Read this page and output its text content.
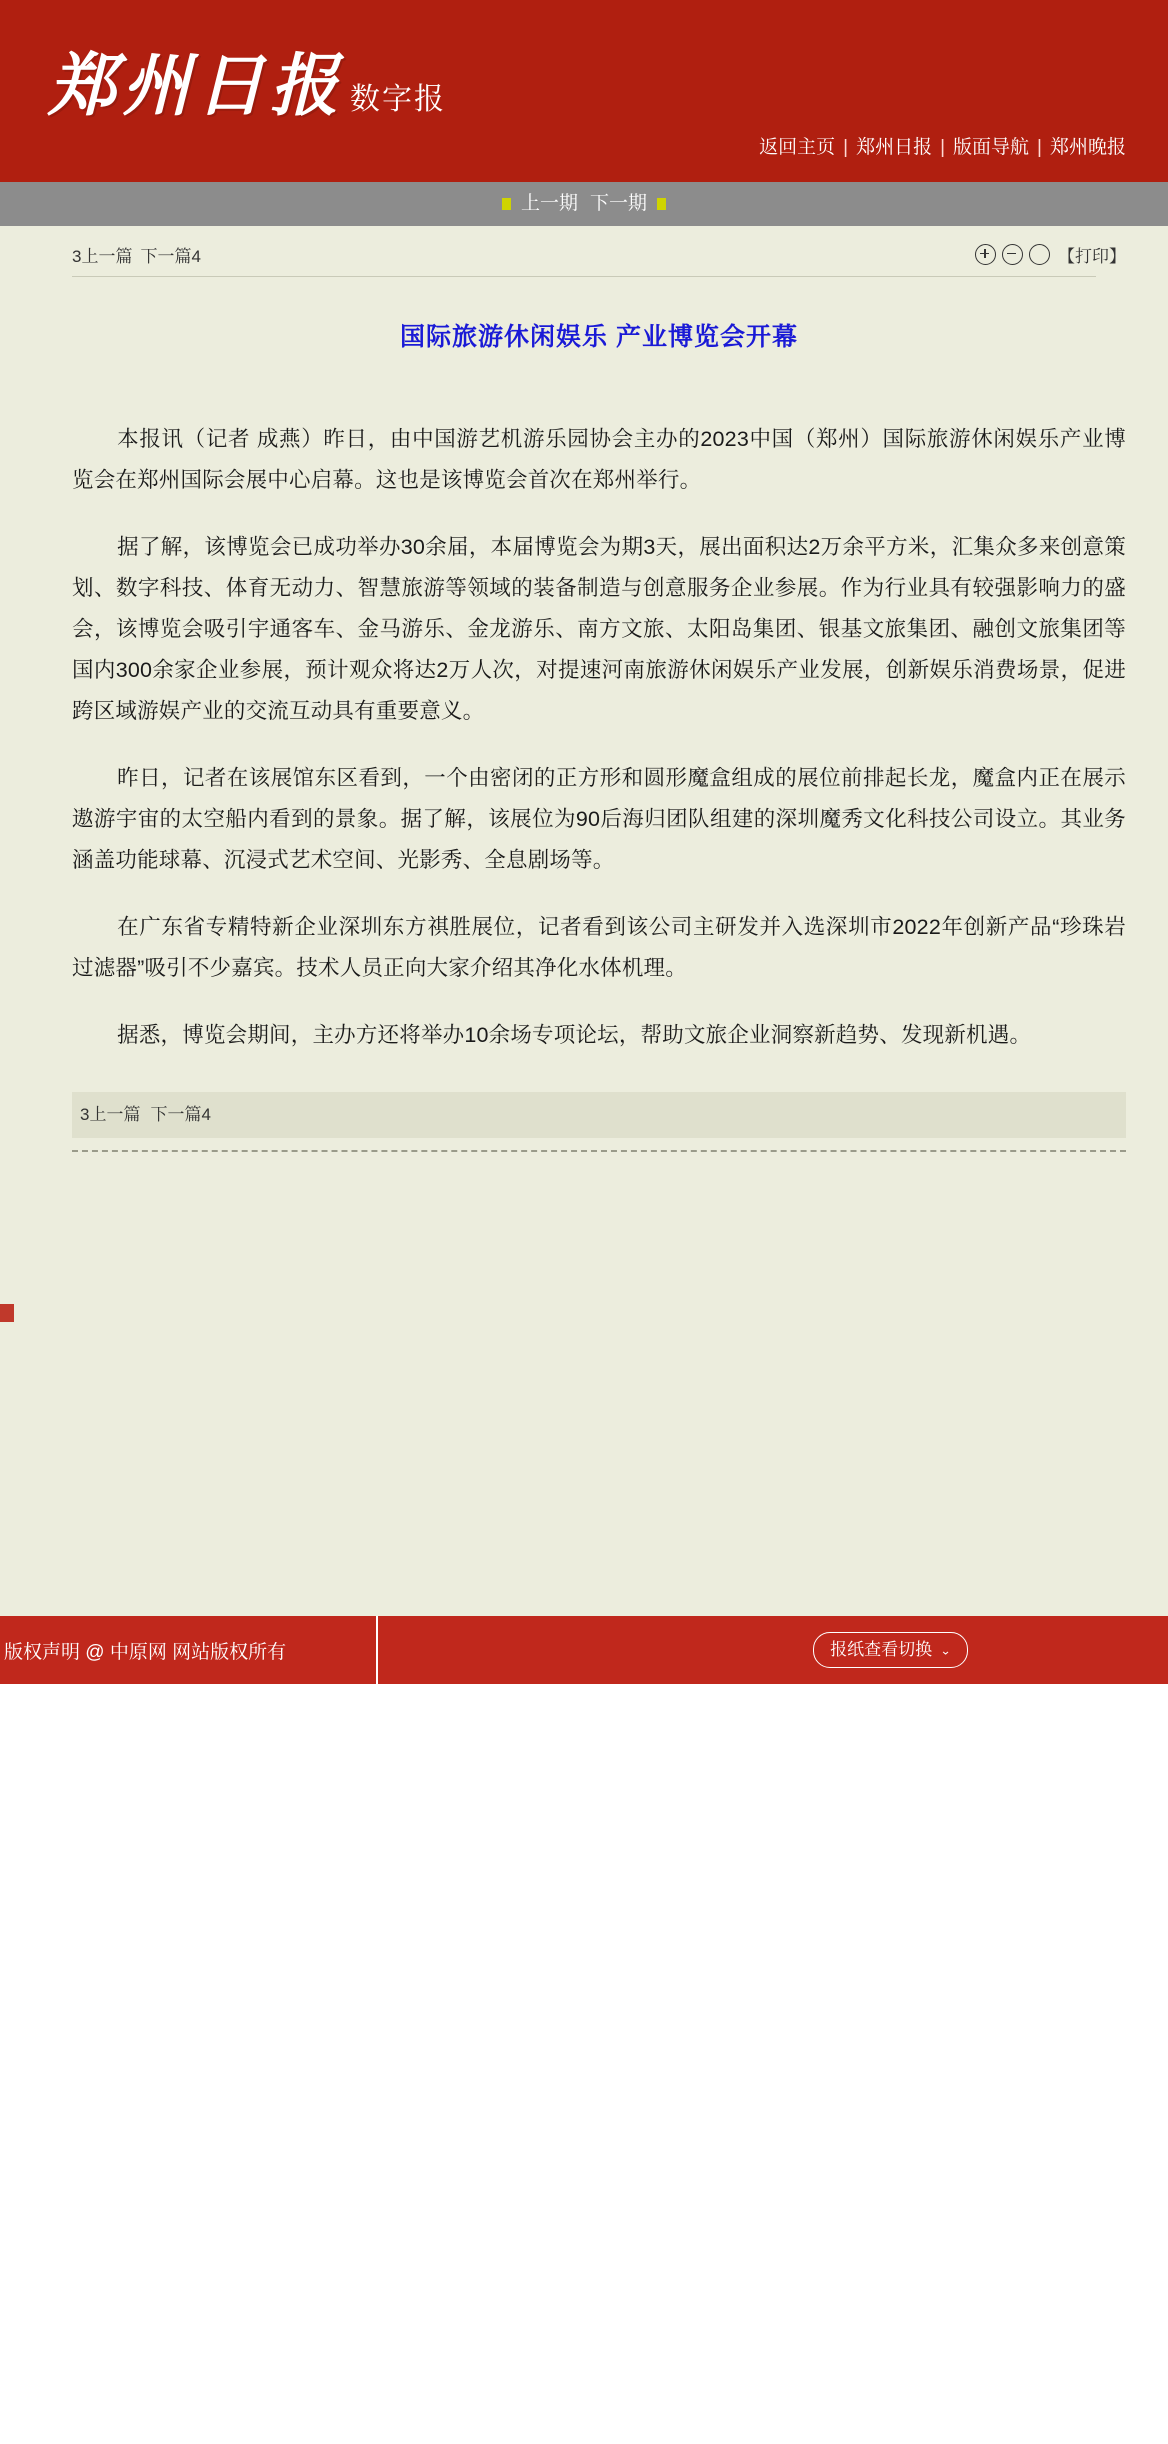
郑州日报 数字报
返回主页 | 郑州日报 | 版面导航 | 郑州晚报
上一期 下一期
3上一篇 下一篇4	【打印】
国际旅游休闲娱乐 产业博览会开幕

本报讯（记者 成燕）昨日，由中国游艺机游乐园协会主办的2023中国（郑州）国际旅游休闲娱乐产业博览会在郑州国际会展中心启幕。这也是该博览会首次在郑州举行。

据了解，该博览会已成功举办30余届，本届博览会为期3天，展出面积达2万余平方米，汇集众多来创意策划、数字科技、体育无动力、智慧旅游等领域的装备制造与创意服务企业参展。作为行业具有较强影响力的盛会，该博览会吸引宇通客车、金马游乐、金龙游乐、南方文旅、太阳岛集团、银基文旅集团、融创文旅集团等国内300余家企业参展，预计观众将达2万人次，对提速河南旅游休闲娱乐产业发展，创新娱乐消费场景，促进跨区域游娱产业的交流互动具有重要意义。

昨日，记者在该展馆东区看到，一个由密闭的正方形和圆形魔盒组成的展位前排起长龙，魔盒内正在展示遨游宇宙的太空船内看到的景象。据了解，该展位为90后海归团队组建的深圳魔秀文化科技公司设立。其业务涵盖功能球幕、沉浸式艺术空间、光影秀、全息剧场等。

在广东省专精特新企业深圳东方祺胜展位，记者看到该公司主研发并入选深圳市2022年创新产品“珍珠岩过滤器”吸引不少嘉宾。技术人员正向大家介绍其净化水体机理。

据悉，博览会期间，主办方还将举办10余场专项论坛，帮助文旅企业洞察新趋势、发现新机遇。

3上一篇 下一篇4
版权声明 @ 中原网 网站版权所有	报纸查看切换 ⌄
